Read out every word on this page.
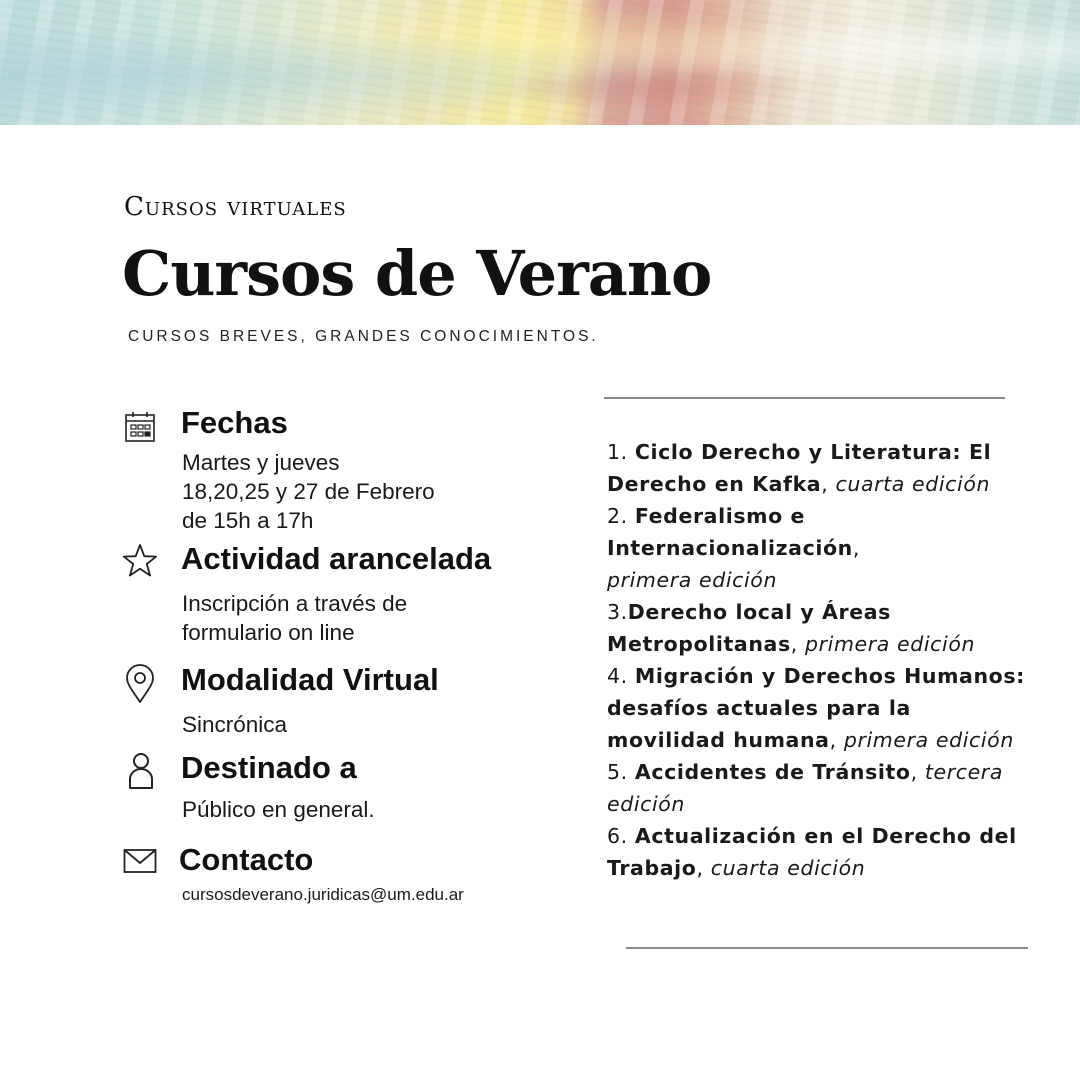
Cursos virtuales
Cursos de Verano
CURSOS BREVES, GRANDES CONOCIMIENTOS.
Fechas
Martes y jueves
18,20,25 y 27 de Febrero
de 15h a 17h
Actividad arancelada
Inscripción a través de
formulario on line
Modalidad Virtual
Sincrónica
Destinado a
Público en general.
Contacto
cursosdeverano.juridicas@um.edu.ar
1. Ciclo Derecho y Literatura: El Derecho en Kafka, cuarta edición
2. Federalismo e Internacionalización,
primera edición
3.Derecho local y Áreas Metropolitanas, primera edición
4. Migración y Derechos Humanos: desafíos actuales para la movilidad humana, primera edición
5. Accidentes de Tránsito, tercera edición
6. Actualización en el Derecho del Trabajo, cuarta edición
